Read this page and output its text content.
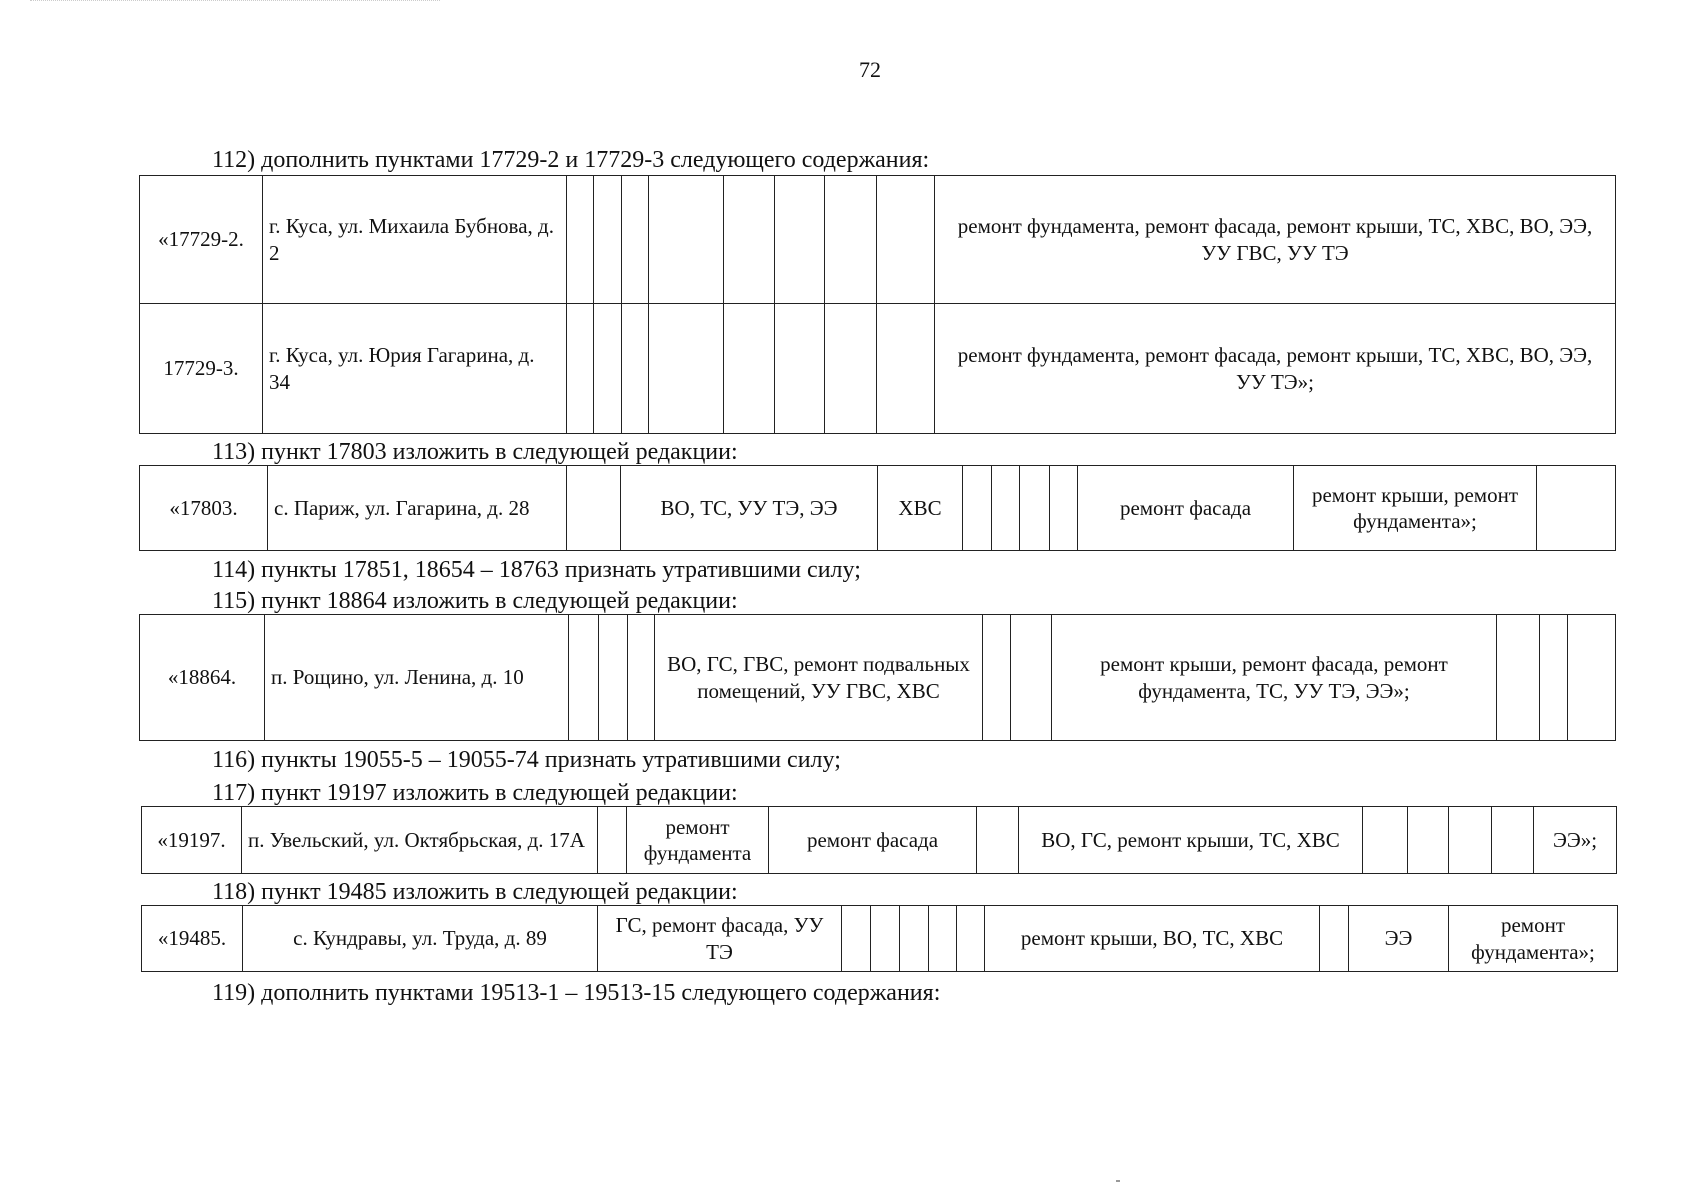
72
112) дополнить пунктами 17729-2 и 17729-3 следующего содержания:
«17729-2.	г. Куса, ул. Михаила Бубнова, д. 2									ремонт фундамента, ремонт фасада, ремонт крыши, ТС, ХВС, ВО, ЭЭ, УУ ГВС, УУ ТЭ
17729-3.	г. Куса, ул. Юрия Гагарина, д. 34									ремонт фундамента, ремонт фасада, ремонт крыши, ТС, ХВС, ВО, ЭЭ, УУ ТЭ»;
113) пункт 17803 изложить в следующей редакции:
«17803.	с. Париж, ул. Гагарина, д. 28		ВО, ТС, УУ ТЭ, ЭЭ	ХВС					ремонт фасада	ремонт крыши, ремонт фундамента»;	
114) пункты 17851, 18654 – 18763 признать утратившими силу;
115) пункт 18864 изложить в следующей редакции:
«18864.	п. Рощино, ул. Ленина, д. 10				ВО, ГС, ГВС, ремонт подвальных помещений, УУ ГВС, ХВС			ремонт крыши, ремонт фасада, ремонт фундамента, ТС, УУ ТЭ, ЭЭ»;			
116) пункты 19055-5 – 19055-74 признать утратившими силу;
117) пункт 19197 изложить в следующей редакции:
«19197.	п. Увельский, ул. Октябрьская, д. 17А		ремонт фундамента	ремонт фасада		ВО, ГС, ремонт крыши, ТС, ХВС					ЭЭ»;
118) пункт 19485 изложить в следующей редакции:
«19485.	с. Кундравы, ул. Труда, д. 89	ГС, ремонт фасада, УУ ТЭ						ремонт крыши, ВО, ТС, ХВС		ЭЭ	ремонт фундамента»;
119) дополнить пунктами 19513-1 – 19513-15 следующего содержания:
